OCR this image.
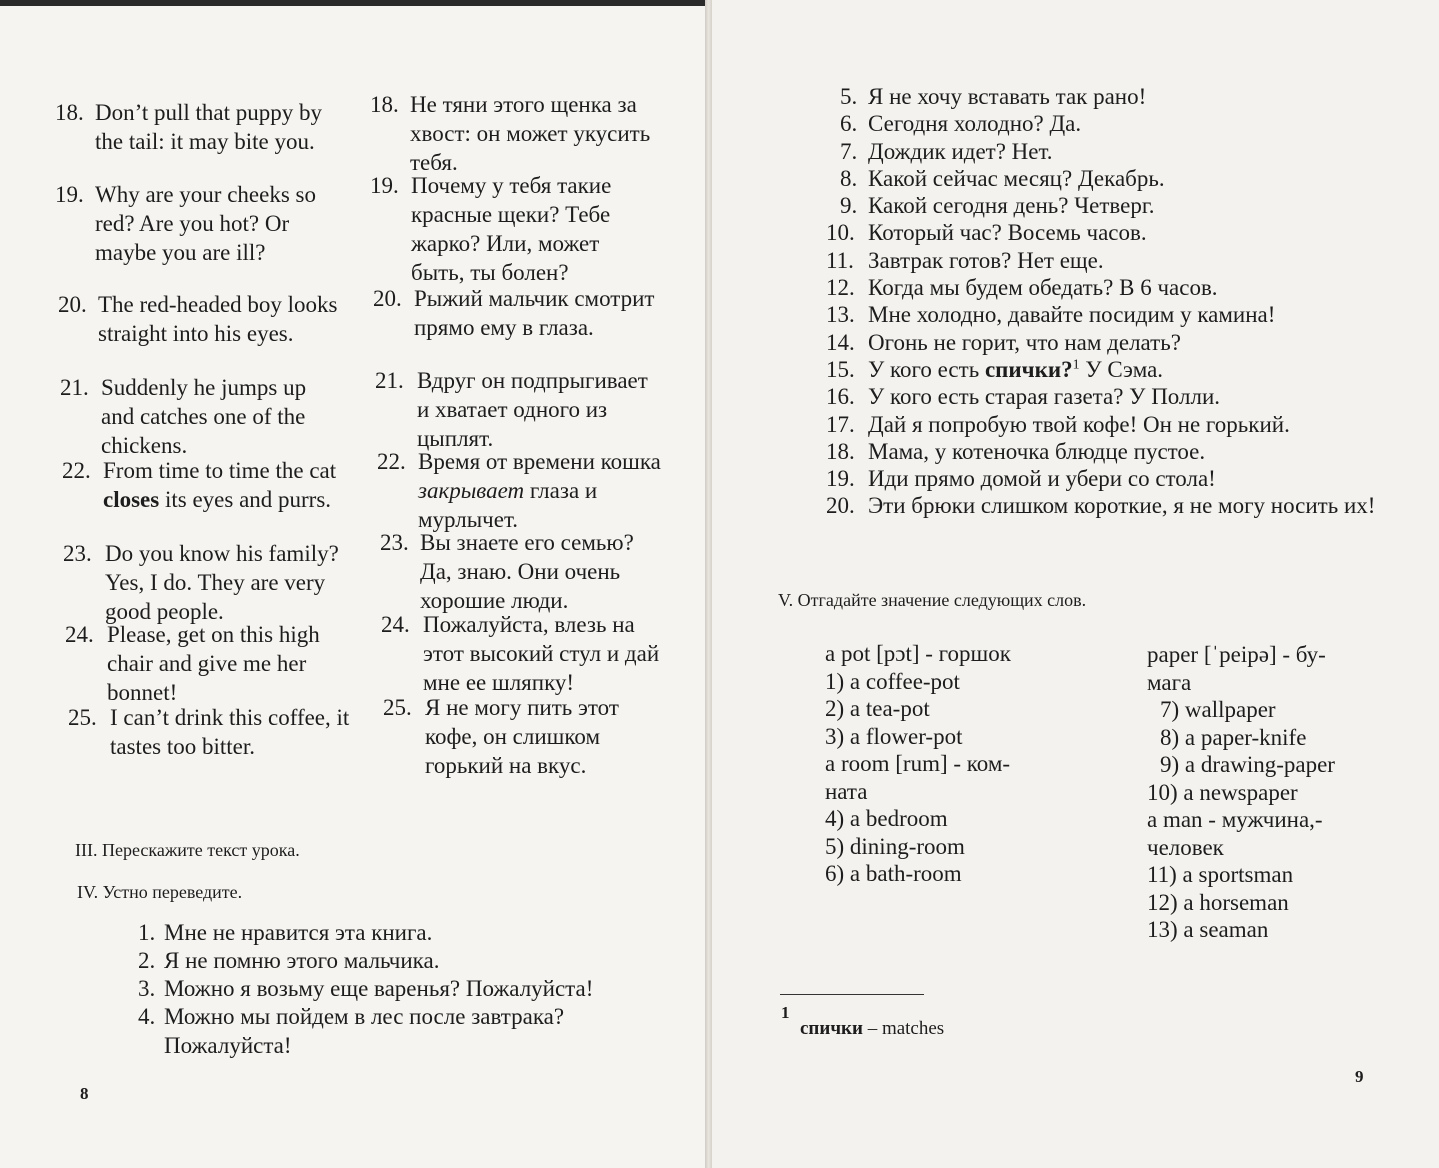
18. Don’t pull that puppy by the tail: it may bite you.
19. Why are your cheeks so red? Are you hot? Or maybe you are ill?
20. The red-headed boy looks straight into his eyes.
21. Suddenly he jumps up and catches one of the chickens.
22. From time to time the cat closes its eyes and purrs.
23. Do you know his family? Yes, I do. They are very good people.
24. Please, get on this high chair and give me her bonnet!
25. I can’t drink this coffee, it tastes too bitter.
18. Не тяни этого щенка за хвост: он может укусить тебя.
19. Почему у тебя такие красные щеки? Тебе жарко? Или, может быть, ты болен?
20. Рыжий мальчик смотрит прямо ему в глаза.
21. Вдруг он подпрыгивает и хватает одного из цыплят.
22. Время от времени кошка закрывает глаза и мурлычет.
23. Вы знаете его семью? Да, знаю. Они очень хорошие люди.
24. Пожалуйста, влезь на этот высокий стул и дай мне ее шляпку!
25. Я не могу пить этот кофе, он слишком горький на вкус.
III. Перескажите текст урока.
IV. Устно переведите.
1. Мне не нравится эта книга.
2. Я не помню этого мальчика.
3. Можно я возьму еще варенья? Пожалуйста!
4. Можно мы пойдем в лес после завтрака? Пожалуйста!
8
5. Я не хочу вставать так рано!
6. Сегодня холодно? Да.
7. Дождик идет? Нет.
8. Какой сейчас месяц? Декабрь.
9. Какой сегодня день? Четверг.
10. Который час? Восемь часов.
11. Завтрак готов? Нет еще.
12. Когда мы будем обедать? В 6 часов.
13. Мне холодно, давайте посидим у камина!
14. Огонь не горит, что нам делать?
15. У кого есть спички?$^1$ У Сэма.
16. У кого есть старая газета? У Полли.
17. Дай я попробую твой кофе! Он не горький.
18. Мама, у котеночка блюдце пустое.
19. Иди прямо домой и убери со стола!
20. Эти брюки слишком короткие, я не могу носить их!
V. Отгадайте значение следующих слов.
a pot [pɔt] - горшок
1) a coffee-pot
2) a tea-pot
3) a flower-pot
a room [rum] - ком-
ната
4) a bedroom
5) dining-room
6) a bath-room
paper [ˈpeipə] - бу-
мага
7) wallpaper
8) a paper-knife
9) a drawing-paper
10) a newspaper
a man - мужчина,-
человек
11) a sportsman
12) a horseman
13) a seaman
1
спички – matches
9
